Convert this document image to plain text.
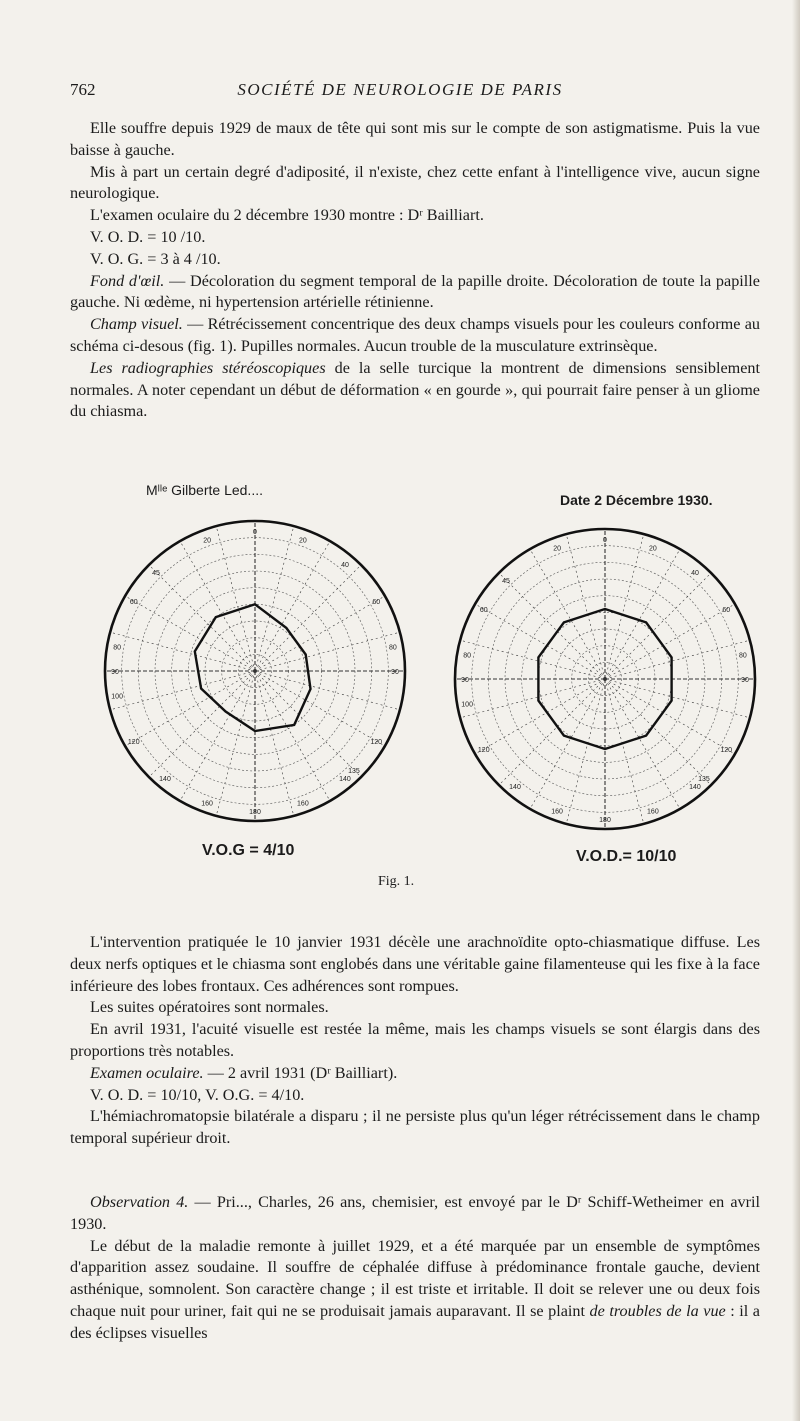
762	SOCIÉTÉ DE NEUROLOGIE DE PARIS

Elle souffre depuis 1929 de maux de tête qui sont mis sur le compte de son astigmatisme. Puis la vue baisse à gauche.

Mis à part un certain degré d'adiposité, il n'existe, chez cette enfant à l'intelligence vive, aucun signe neurologique.

L'examen oculaire du 2 décembre 1930 montre : Dʳ Bailliart.

V. O. D. = 10 /10.

V. O. G. = 3 à 4 /10.

Fond d'œil. — Décoloration du segment temporal de la papille droite. Décoloration de toute la papille gauche. Ni œdème, ni hypertension artérielle rétinienne.

Champ visuel. — Rétrécissement concentrique des deux champs visuels pour les couleurs conforme au schéma ci-desous (fig. 1). Pupilles normales. Aucun trouble de la musculature extrinsèque.

Les radiographies stéréoscopiques de la selle turcique la montrent de dimensions sensiblement normales. A noter cependant un début de déformation « en gourde », qui pourrait faire penser à un gliome du chiasma.

Mˡˡᵉ Gilberte Led....
Date 2 Décembre 1930.
0
20
20
40
45
60
60
80
80
90
90
100
120
120
135
140
140
160
160
180
0
20
20
40
45
60
60
80
80
90
90
100
120
120
135
140
140
160
160
180
V.O.G = 4/10	V.O.D.= 10/10
Fig. 1.

L'intervention pratiquée le 10 janvier 1931 décèle une arachnoïdite opto-chiasmatique diffuse. Les deux nerfs optiques et le chiasma sont englobés dans une véritable gaine filamenteuse qui les fixe à la face inférieure des lobes frontaux. Ces adhérences sont rompues.

Les suites opératoires sont normales.

En avril 1931, l'acuité visuelle est restée la même, mais les champs visuels se sont élargis dans des proportions très notables.

Examen oculaire. — 2 avril 1931 (Dʳ Bailliart).

V. O. D. = 10/10, V. O.G. = 4/10.

L'hémiachromatopsie bilatérale a disparu ; il ne persiste plus qu'un léger rétrécissement dans le champ temporal supérieur droit.

Observation 4. — Pri..., Charles, 26 ans, chemisier, est envoyé par le Dʳ Schiff-Wetheimer en avril 1930.

Le début de la maladie remonte à juillet 1929, et a été marquée par un ensemble de symptômes d'apparition assez soudaine. Il souffre de céphalée diffuse à prédominance frontale gauche, devient asthénique, somnolent. Son caractère change ; il est triste et irritable. Il doit se relever une ou deux fois chaque nuit pour uriner, fait qui ne se produisait jamais auparavant. Il se plaint de troubles de la vue : il a des éclipses visuelles
